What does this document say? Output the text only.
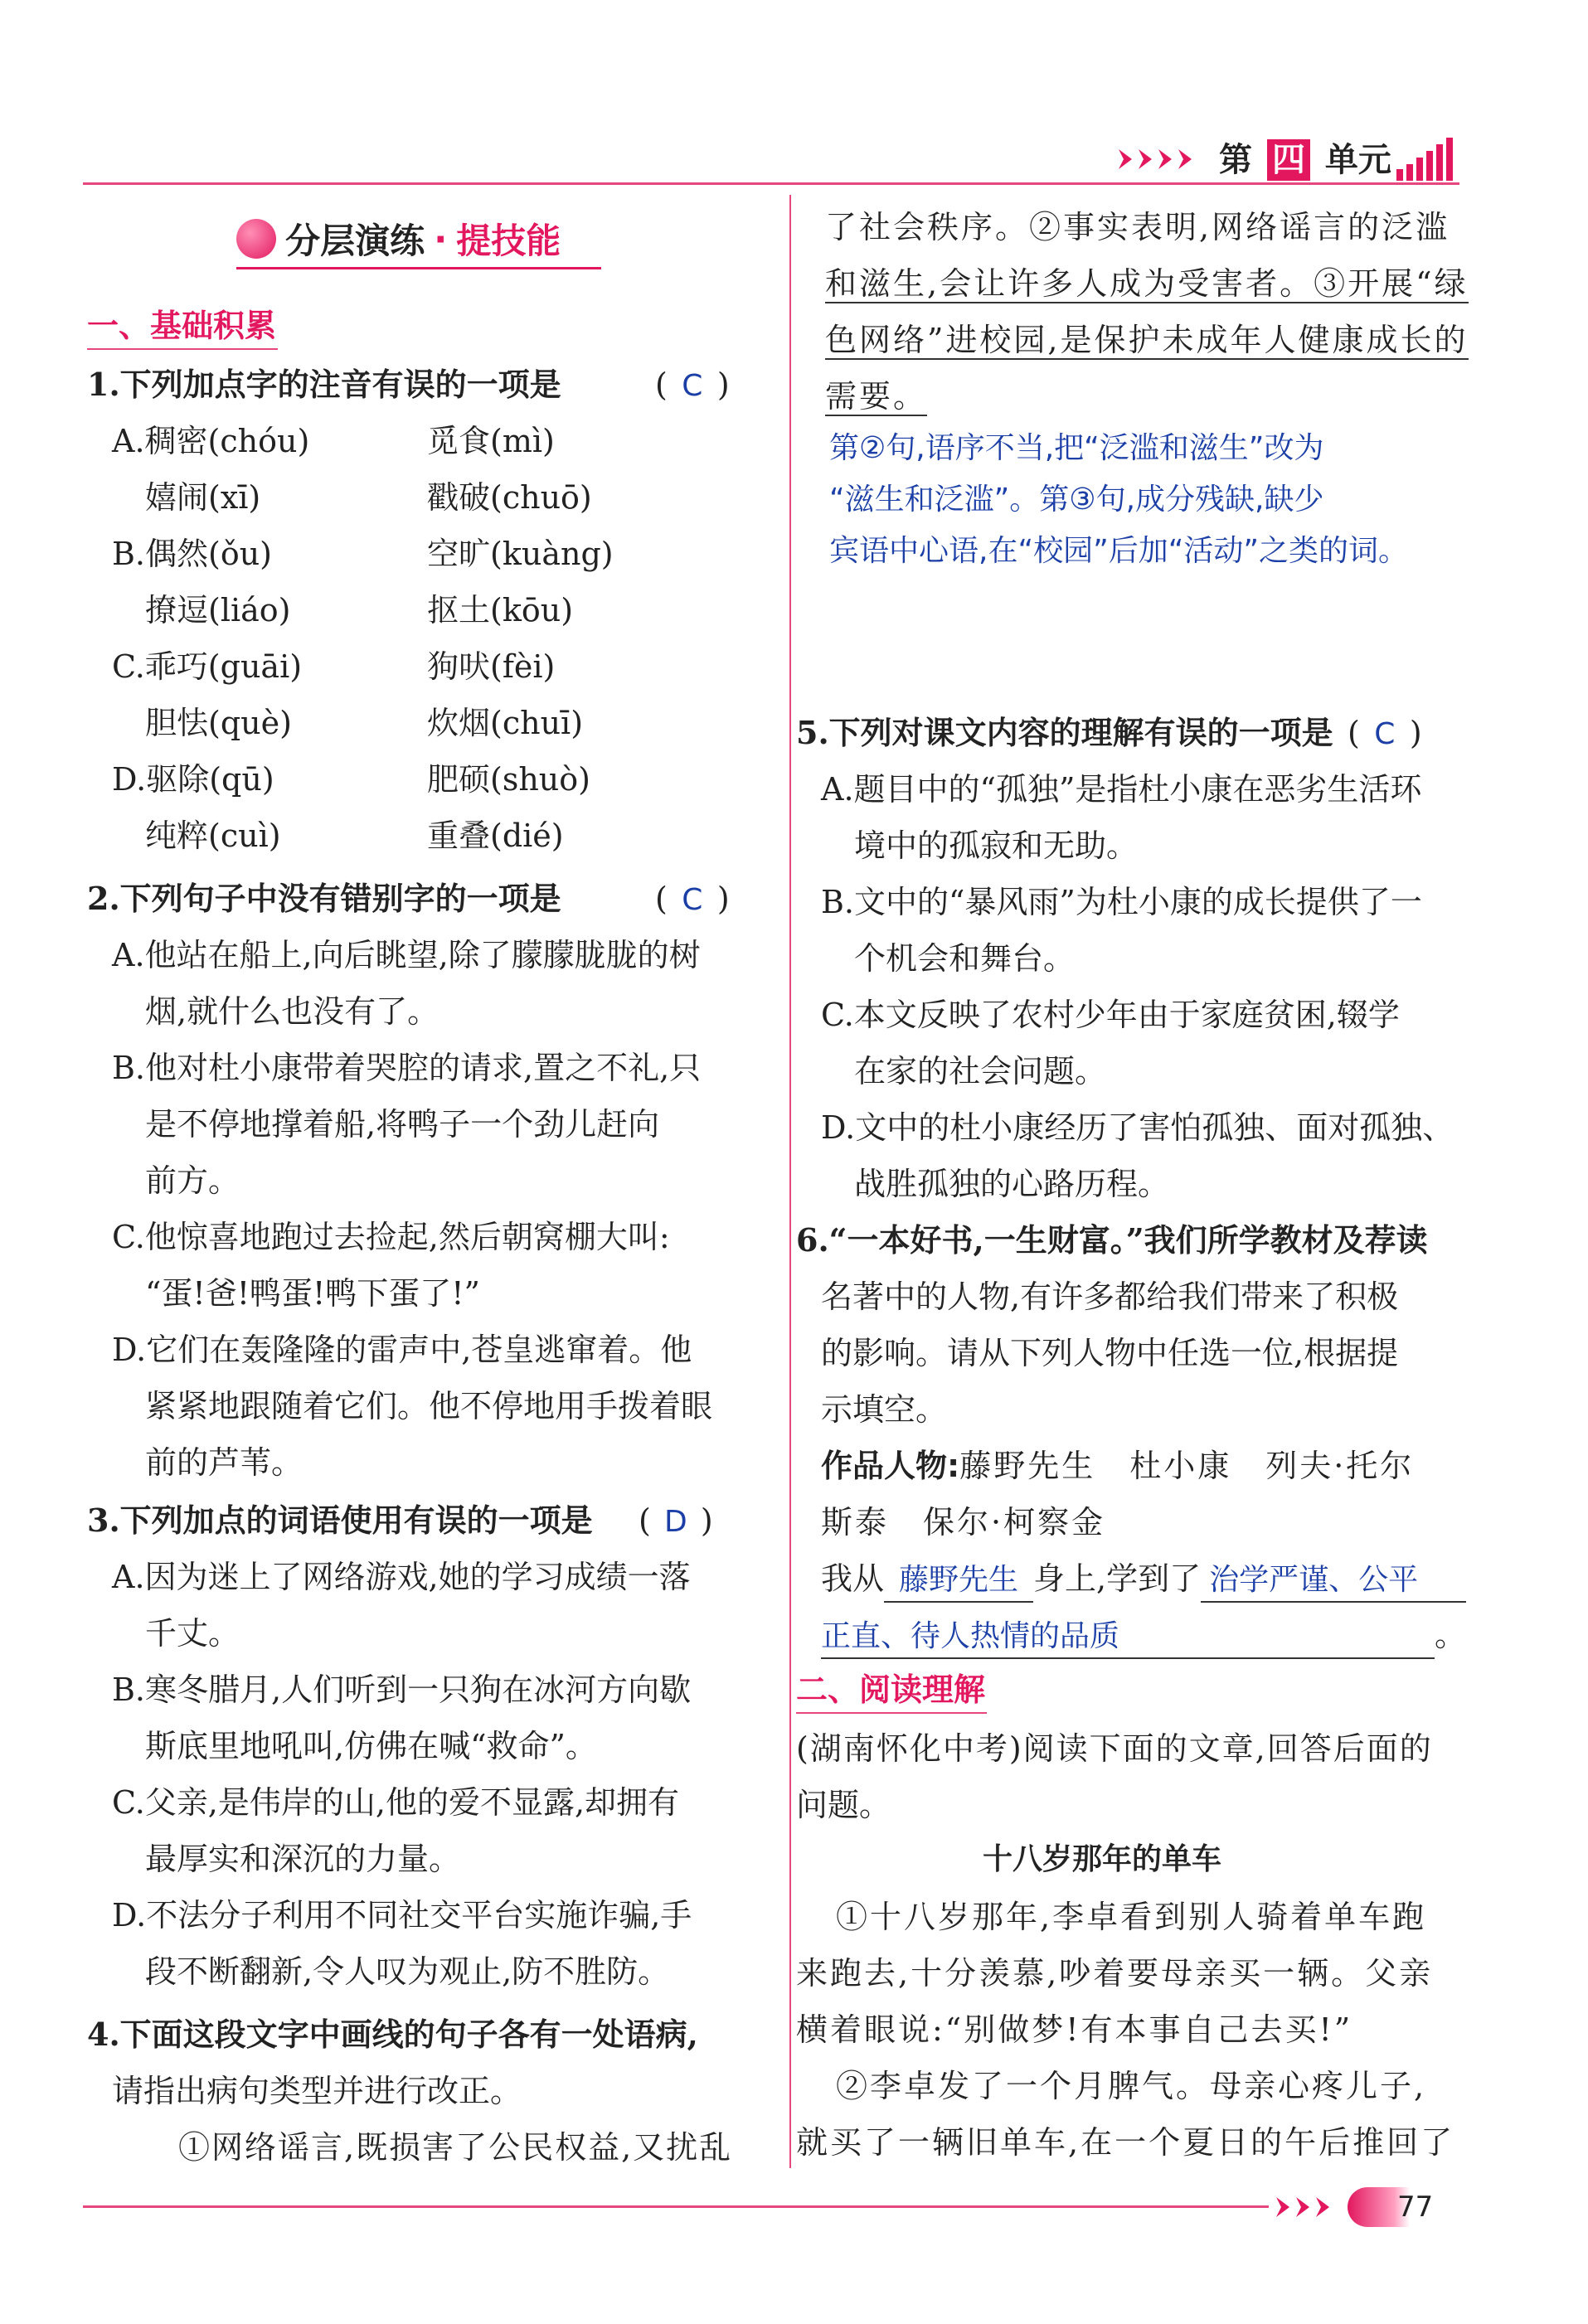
第 四 单元
分层演练 · 提技能
一、基础积累
1.下列加点字的注音有误的一项是	( C )
A.稠密(chóu)	觅食(mì)
嬉闹(xī)	戳破(chuō)
B.偶然(ǒu)	空旷(kuàng)
撩逗(liáo)	抠土(kōu)
C.乖巧(guāi)	狗吠(fèi)
胆怯(què)	炊烟(chuī)
D.驱除(qū)	肥硕(shuò)
纯粹(cuì)	重叠(dié)
2.下列句子中没有错别字的一项是	( C )
A.他站在船上,向后眺望,除了朦朦胧胧的树
烟,就什么也没有了。
B.他对杜小康带着哭腔的请求,置之不礼,只
是不停地撑着船,将鸭子一个劲儿赶向
前方。
C.他惊喜地跑过去捡起,然后朝窝棚大叫:
“蛋!爸!鸭蛋!鸭下蛋了!”
D.它们在轰隆隆的雷声中,苍皇逃窜着。他
紧紧地跟随着它们。他不停地用手拨着眼
前的芦苇。
3.下列加点的词语使用有误的一项是 ( D )
A.因为迷上了网络游戏,她的学习成绩一落
千丈。
B.寒冬腊月,人们听到一只狗在冰河方向歇
斯底里地吼叫,仿佛在喊“救命”。
C.父亲,是伟岸的山,他的爱不显露,却拥有
最厚实和深沉的力量。
D.不法分子利用不同社交平台实施诈骗,手
段不断翻新,令人叹为观止,防不胜防。
4.下面这段文字中画线的句子各有一处语病,
请指出病句类型并进行改正。
①网络谣言,既损害了公民权益,又扰乱
了社会秩序。②事实表明,网络谣言的泛滥
和滋生,会让许多人成为受害者。③开展“绿
色网络”进校园,是保护未成年人健康成长的
需要。
第②句,语序不当,把“泛滥和滋生”改为
“滋生和泛滥”。第③句,成分残缺,缺少
宾语中心语,在“校园”后加“活动”之类的词。
5.下列对课文内容的理解有误的一项是 ( C )
A.题目中的“孤独”是指杜小康在恶劣生活环
境中的孤寂和无助。
B.文中的“暴风雨”为杜小康的成长提供了一
个机会和舞台。
C.本文反映了农村少年由于家庭贫困,辍学
在家的社会问题。
D.文中的杜小康经历了害怕孤独、面对孤独、
战胜孤独的心路历程。
6.“一本好书,一生财富。”我们所学教材及荐读
名著中的人物,有许多都给我们带来了积极
的影响。请从下列人物中任选一位,根据提
示填空。
作品人物:藤野先生　杜小康　列夫·托尔
斯泰　保尔·柯察金
我从 藤野先生 身上,学到了 治学严谨、公平
正直、待人热情的品质	。
二、阅读理解
(湖南怀化中考)阅读下面的文章,回答后面的
问题。
十八岁那年的单车
①十八岁那年,李卓看到别人骑着单车跑
来跑去,十分羡慕,吵着要母亲买一辆。父亲
横着眼说:“别做梦!有本事自己去买!”
②李卓发了一个月脾气。母亲心疼儿子,
就买了一辆旧单车,在一个夏日的午后推回了
77
